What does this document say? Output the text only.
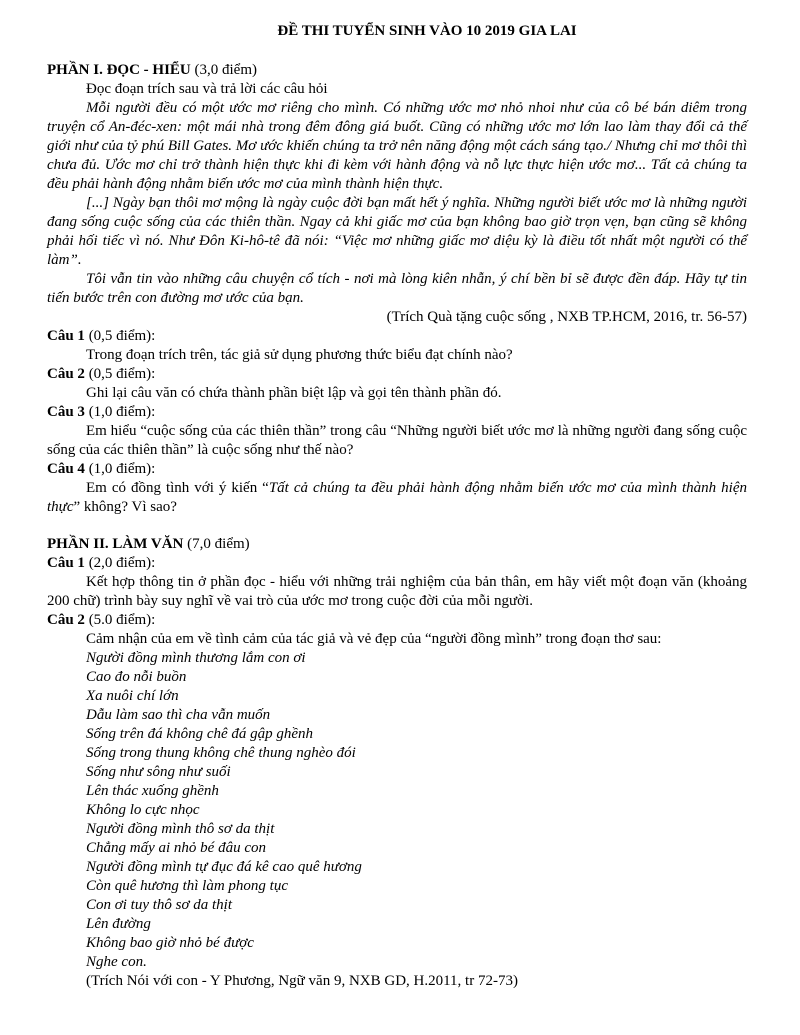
ĐỀ THI TUYỂN SINH VÀO 10 2019 GIA LAI

PHẦN I. ĐỌC - HIỂU (3,0 điểm)

Đọc đoạn trích sau và trả lời các câu hỏi

Mỗi người đều có một ước mơ riêng cho mình. Có những ước mơ nhỏ nhoi như của cô bé bán diêm trong truyện cổ An-đéc-xen: một mái nhà trong đêm đông giá buốt. Cũng có những ước mơ lớn lao làm thay đổi cả thế giới như của tỷ phú Bill Gates. Mơ ước khiến chúng ta trở nên năng động một cách sáng tạo./ Nhưng chỉ mơ thôi thì chưa đủ. Ước mơ chỉ trở thành hiện thực khi đi kèm với hành động và nỗ lực thực hiện ước mơ... Tất cả chúng ta đều phải hành động nhằm biến ước mơ của mình thành hiện thực.

[...] Ngày bạn thôi mơ mộng là ngày cuộc đời bạn mất hết ý nghĩa. Những người biết ước mơ là những người đang sống cuộc sống của các thiên thần. Ngay cả khi giấc mơ của bạn không bao giờ trọn vẹn, bạn cũng sẽ không phải hối tiếc vì nó. Như Đôn Ki-hô-tê đã nói: “Việc mơ những giấc mơ diệu kỳ là điều tốt nhất một người có thể làm”.

Tôi vẫn tin vào những câu chuyện cổ tích - nơi mà lòng kiên nhẫn, ý chí bền bỉ sẽ được đền đáp. Hãy tự tin tiến bước trên con đường mơ ước của bạn.

(Trích Quà tặng cuộc sống , NXB TP.HCM, 2016, tr. 56-57)

Câu 1 (0,5 điểm):

Trong đoạn trích trên, tác giả sử dụng phương thức biểu đạt chính nào?

Câu 2 (0,5 điểm):

Ghi lại câu văn có chứa thành phần biệt lập và gọi tên thành phần đó.

Câu 3 (1,0 điểm):

Em hiểu “cuộc sống của các thiên thần” trong câu “Những người biết ước mơ là những người đang sống cuộc sống của các thiên thần” là cuộc sống như thế nào?

Câu 4 (1,0 điểm):

Em có đồng tình với ý kiến “Tất cả chúng ta đều phải hành động nhằm biến ước mơ của mình thành hiện thực” không? Vì sao?

PHẦN II. LÀM VĂN (7,0 điểm)

Câu 1 (2,0 điểm):

Kết hợp thông tin ở phần đọc - hiểu với những trải nghiệm của bản thân, em hãy viết một đoạn văn (khoảng 200 chữ) trình bày suy nghĩ về vai trò của ước mơ trong cuộc đời của mỗi người.

Câu 2 (5.0 điểm):

Cảm nhận của em về tình cảm của tác giả và vẻ đẹp của “người đồng mình” trong đoạn thơ sau:

Người đồng mình thương lắm con ơi
Cao đo nỗi buồn
Xa nuôi chí lớn
Dẫu làm sao thì cha vẫn muốn
Sống trên đá không chê đá gập ghềnh
Sống trong thung không chê thung nghèo đói
Sống như sông như suối
Lên thác xuống ghềnh
Không lo cực nhọc
Người đồng mình thô sơ da thịt
Chẳng mấy ai nhỏ bé đâu con
Người đồng mình tự đục đá kê cao quê hương
Còn quê hương thì làm phong tục
Con ơi tuy thô sơ da thịt
Lên đường
Không bao giờ nhỏ bé được
Nghe con.
(Trích Nói với con - Y Phương, Ngữ văn 9, NXB GD, H.2011, tr 72-73)
